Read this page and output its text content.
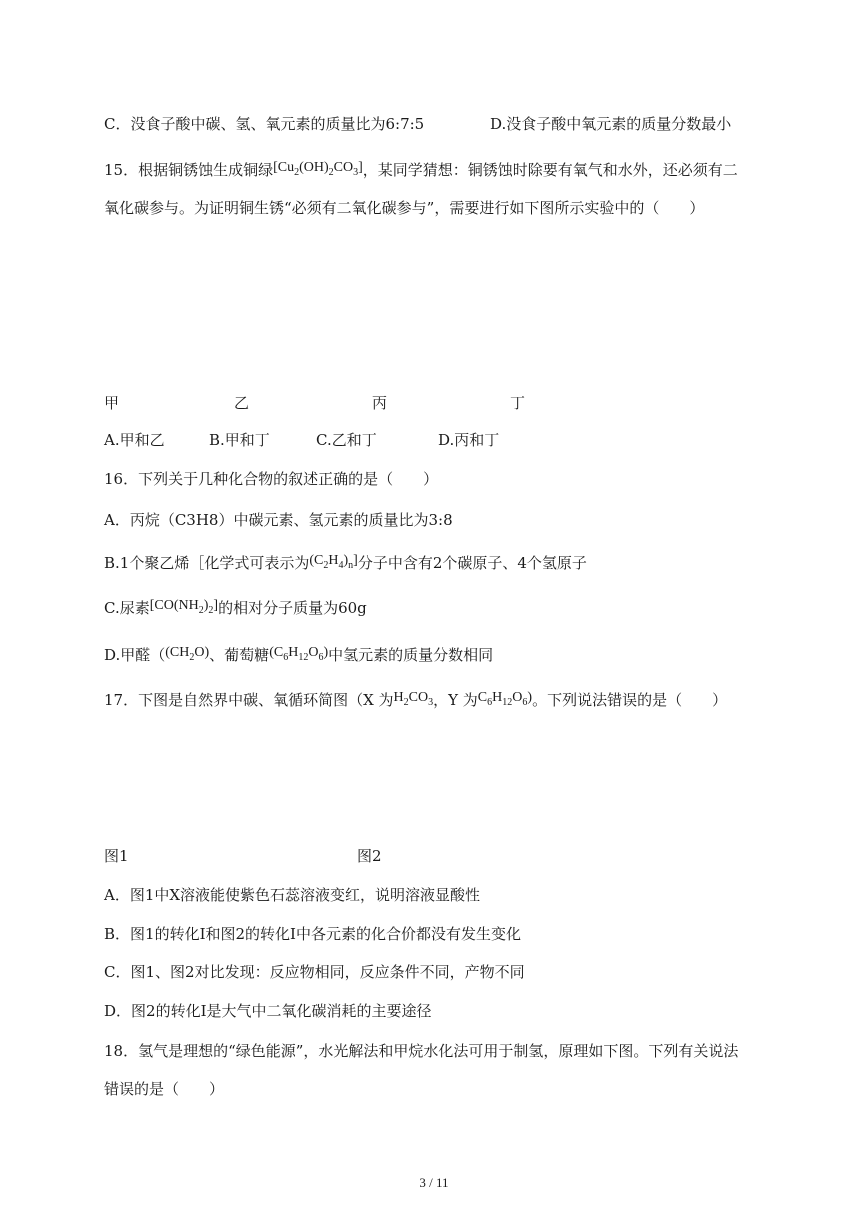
C．没食子酸中碳、氢、氧元素的质量比为6:7:5	D.没食子酸中氧元素的质量分数最小
15．根据铜锈蚀生成铜绿$[Cu_2(OH)_2CO_3]$，某同学猜想：铜锈蚀时除要有氧气和水外，还必须有二
氧化碳参与。为证明铜生锈“必须有二氧化碳参与”，需要进行如下图所示实验中的（　　）
甲	乙	丙	丁
A.甲和乙	B.甲和丁	C.乙和丁	D.丙和丁
16．下列关于几种化合物的叙述正确的是（　　）
A．丙烷（C3H8）中碳元素、氢元素的质量比为3:8
B.1个聚乙烯［化学式可表示为$(C_2H_4)_n$]分子中含有2个碳原子、4个氢原子
C.尿素$[CO(NH_2)_2]$的相对分子质量为60g
D.甲醛（$(CH_2O)$、葡萄糖$(C_6H_{12}O_6)$中氢元素的质量分数相同
17．下图是自然界中碳、氧循环简图（X 为$H_2CO_3$，Y 为$C_6H_{12}O_6$)。下列说法错误的是（　　）
图1	图2
A．图1中X溶液能使紫色石蕊溶液变红，说明溶液显酸性
B．图1的转化I和图2的转化I中各元素的化合价都没有发生变化
C．图1、图2对比发现：反应物相同，反应条件不同，产物不同
D．图2的转化I是大气中二氧化碳消耗的主要途径
18．氢气是理想的“绿色能源”，水光解法和甲烷水化法可用于制氢，原理如下图。下列有关说法
错误的是（　　）
3 / 11
